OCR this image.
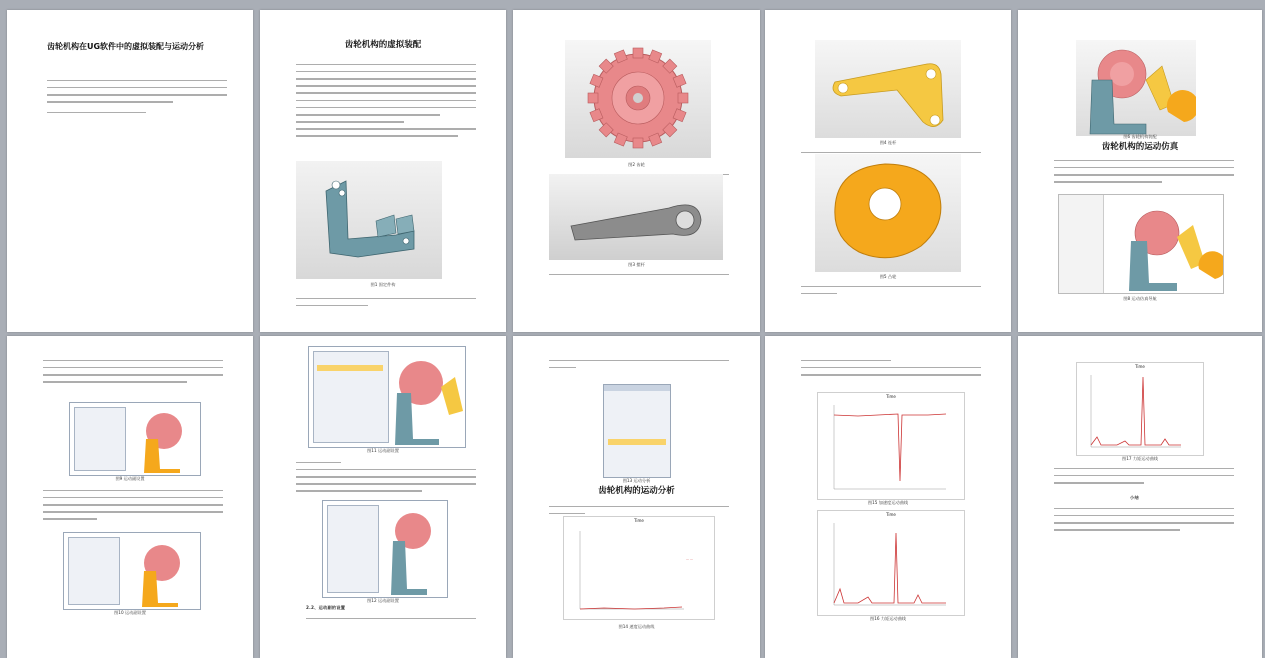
齿轮机构在UG软件中的虚拟装配与运动分析	齿轮机构的虚拟装配
图1 固定件构
图2 齿轮
图3 摆杆
图4 连杆
图5 凸轮
图6 齿轮机构装配
齿轮机构的运动仿真
图8 运动仿真导航
图9 运动副设置
图10 运动副设置
图11 运动副设置
图12 运动副设置
2.2、运动副的设置
图13 运动分析
齿轮机构的运动分析
Time
— —
图14 速度运动曲线
Time
图15 加速度运动曲线
Time
图16 力矩运动曲线
Time
图17 力矩运动曲线
小结
